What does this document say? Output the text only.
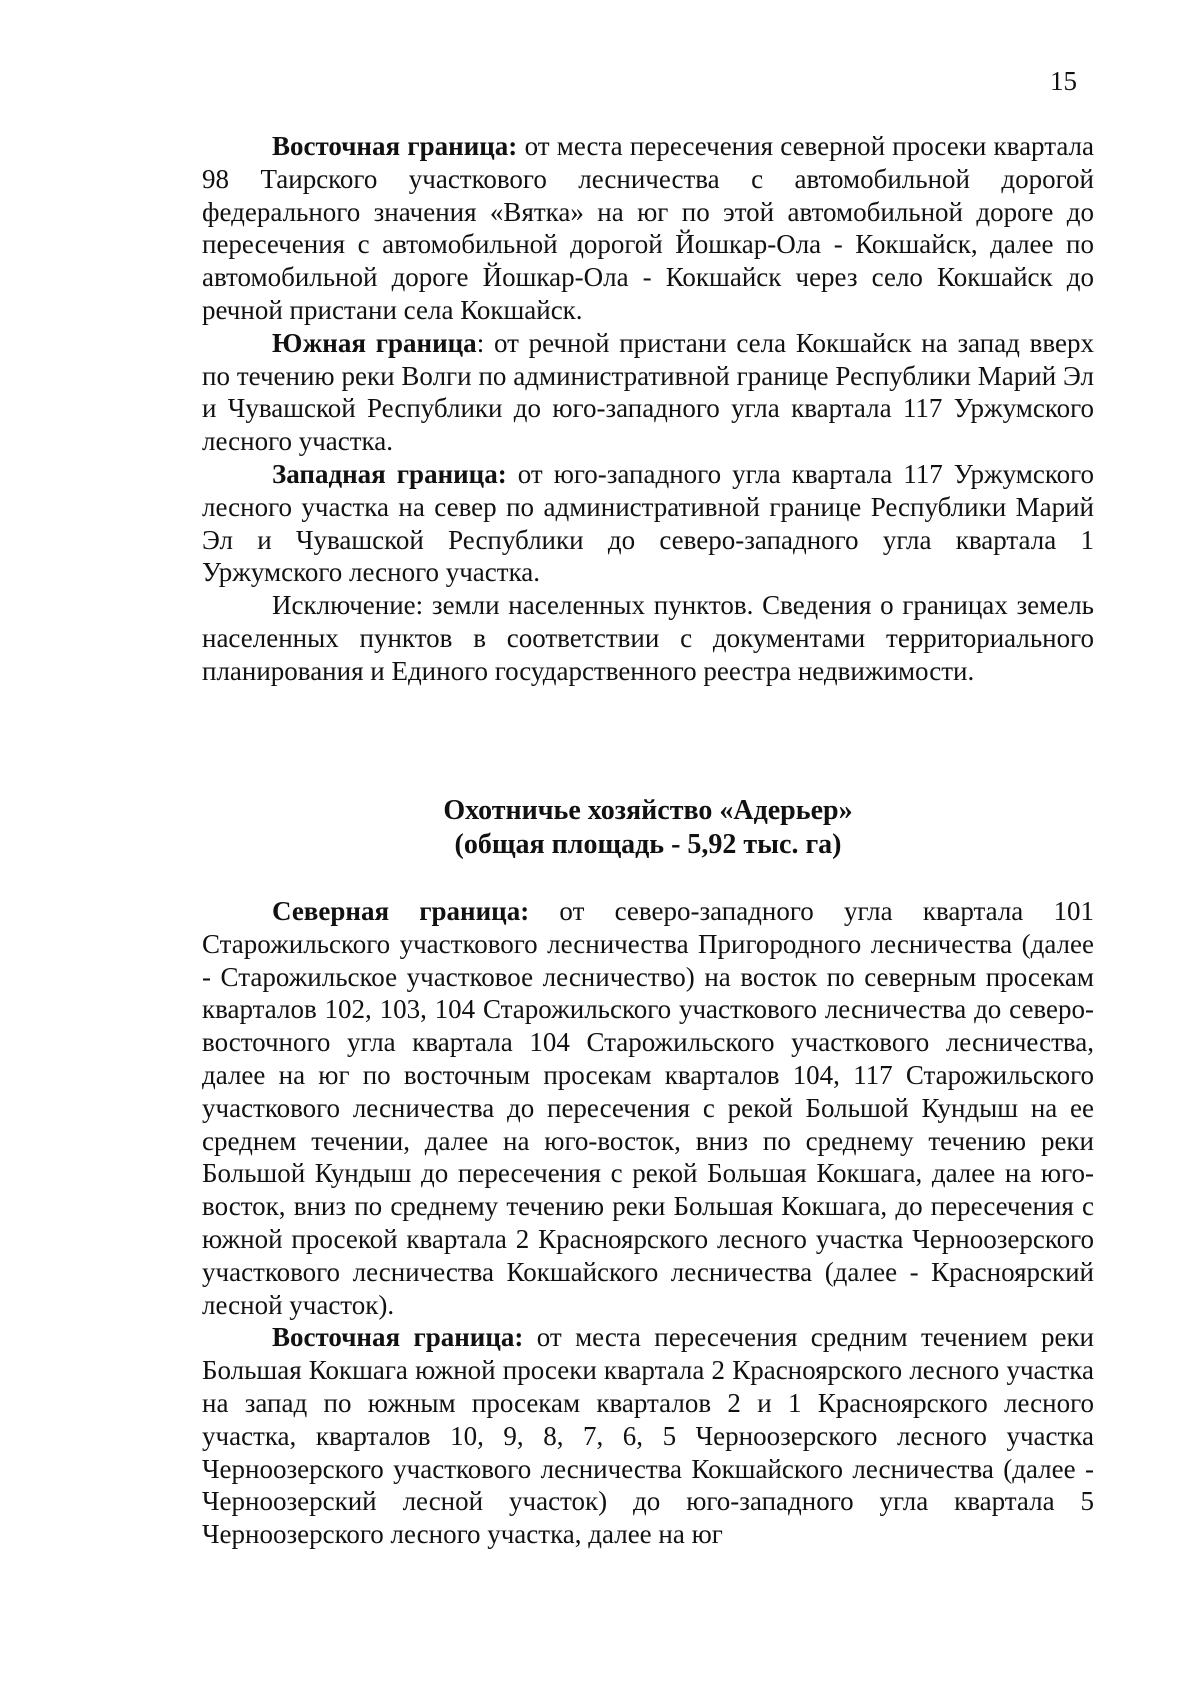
15

Восточная граница: от места пересечения северной просеки квартала 98 Таирского участкового лесничества с автомобильной дорогой федерального значения «Вятка» на юг по этой автомобильной дороге до пересечения с автомобильной дорогой Йошкар-Ола - Кокшайск, далее по автомобильной дороге Йошкар-Ола - Кокшайск через село Кокшайск до речной пристани села Кокшайск.

Южная граница: от речной пристани села Кокшайск на запад вверх по течению реки Волги по административной границе Республики Марий Эл и Чувашской Республики до юго-западного угла квартала 117 Уржумского лесного участка.

Западная граница: от юго-западного угла квартала 117 Уржумского лесного участка на север по административной границе Республики Марий Эл и Чувашской Республики до северо-западного угла квартала 1 Уржумского лесного участка.

Исключение: земли населенных пунктов. Сведения о границах земель населенных пунктов в соответствии с документами территориального планирования и Единого государственного реестра недвижимости.

Охотничье хозяйство «Адерьер»
(общая площадь - 5,92 тыс. га)

Северная граница: от северо-западного угла квартала 101 Старожильского участкового лесничества Пригородного лесничества (далее - Старожильское участковое лесничество) на восток по северным просекам кварталов 102, 103, 104 Старожильского участкового лесничества до северо-восточного угла квартала 104 Старожильского участкового лесничества, далее на юг по восточным просекам кварталов 104, 117 Старожильского участкового лесничества до пересечения с рекой Большой Кундыш на ее среднем течении, далее на юго-восток, вниз по среднему течению реки Большой Кундыш до пересечения с рекой Большая Кокшага, далее на юго-восток, вниз по среднему течению реки Большая Кокшага, до пересечения с южной просекой квартала 2 Красноярского лесного участка Черноозерского участкового лесничества Кокшайского лесничества (далее - Красноярский лесной участок).

Восточная граница: от места пересечения средним течением реки Большая Кокшага южной просеки квартала 2 Красноярского лесного участка на запад по южным просекам кварталов 2 и 1 Красноярского лесного участка, кварталов 10, 9, 8, 7, 6, 5 Черноозерского лесного участка Черноозерского участкового лесничества Кокшайского лесничества (далее - Черноозерский лесной участок) до юго-западного угла квартала 5 Черноозерского лесного участка, далее на юг
